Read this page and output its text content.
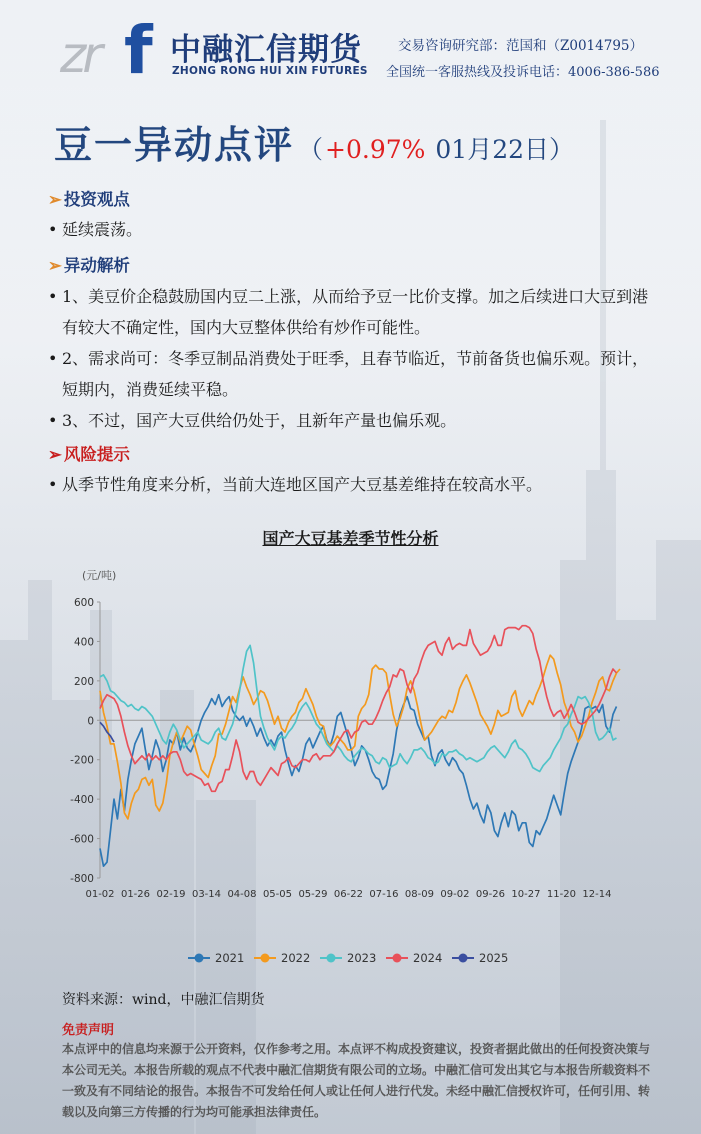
zr f 中融汇信期货
ZHONG RONG HUI XIN FUTURES
交易咨询研究部：范国和（Z0014795）
全国统一客服热线及投诉电话：4006-386-586
豆一异动点评 （ +0.97% 01月22日）
➢ 投资观点
• 延续震荡。
➢ 异动解析
• 1、美豆价企稳鼓励国内豆二上涨，从而给予豆一比价支撑。加之后续进口大豆到港有较大不确定性，国内大豆整体供给有炒作可能性。
• 2、需求尚可：冬季豆制品消费处于旺季，且春节临近，节前备货也偏乐观。预计，短期内，消费延续平稳。
• 3、不过，国产大豆供给仍处于，且新年产量也偏乐观。
➢ 风险提示
• 从季节性角度来分析，当前大连地区国产大豆基差维持在较高水平。
国产大豆基差季节性分析
(元/吨)
600
400
200
0
-200
-400
-600
-800
01-02 01-26 02-19 03-14 04-08 05-05 05-29 06-22 07-16 08-09 09-02 09-26 10-27 11-20 12-14
2021	2022	2023	2024	2025
资料来源：wind，中融汇信期货
免责声明
本点评中的信息均来源于公开资料，仅作参考之用。本点评不构成投资建议，投资者据此做出的任何投资决策与本公司无关。本报告所载的观点不代表中融汇信期货有限公司的立场。中融汇信可发出其它与本报告所载资料不一致及有不同结论的报告。本报告不可发给任何人或让任何人进行代发。未经中融汇信授权许可，任何引用、转载以及向第三方传播的行为均可能承担法律责任。
